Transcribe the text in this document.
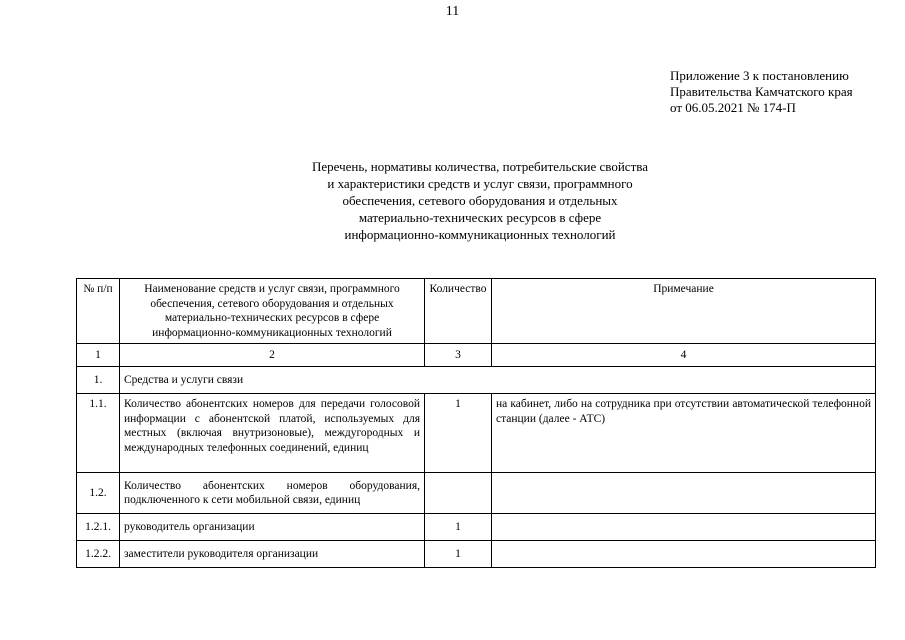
11
Приложение 3 к постановлению
Правительства Камчатского края
от 06.05.2021 № 174-П
Перечень, нормативы количества, потребительские свойства
и характеристики средств и услуг связи, программного
обеспечения, сетевого оборудования и отдельных
материально-технических ресурсов в сфере
информационно-коммуникационных технологий
№ п/п	Наименование средств и услуг связи, программного обеспечения, сетевого оборудования и отдельных материально-технических ресурсов в сфере информационно-коммуникационных технологий	Количество	Примечание
1	2	3	4
1.	Средства и услуги связи		
1.1.	Количество абонентских номеров для передачи голосовой информации с абонентской платой, используемых для местных (включая внутризоновые), междугородных и международных телефонных соединений, единиц	1	на кабинет, либо на сотрудника при отсутствии автоматической телефонной станции (далее - АТС)
1.2.	Количество абонентских номеров оборудования, подключенного к сети мобильной связи, единиц		
1.2.1.	руководитель организации	1	
1.2.2.	заместители руководителя организации	1	
